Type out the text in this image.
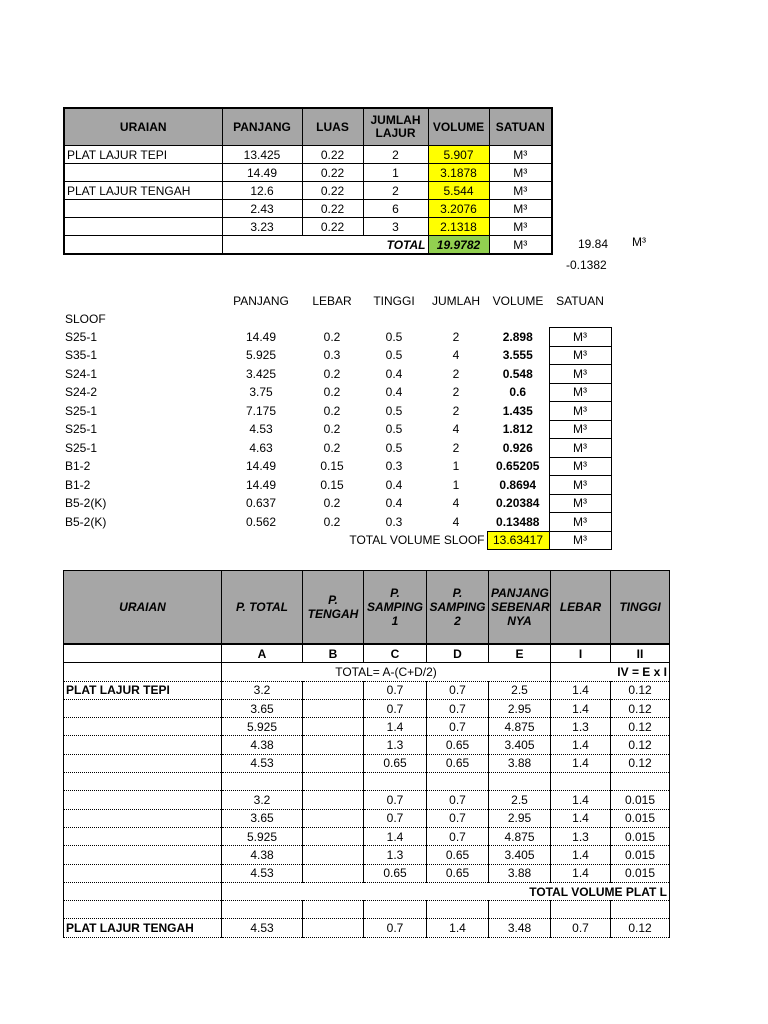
URAIAN	PANJANG	LUAS	JUMLAH LAJUR	VOLUME	SATUAN
PLAT LAJUR TEPI	13.425	0.22	2	5.907	M³
	14.49	0.22	1	3.1878	M³
PLAT LAJUR TENGAH	12.6	0.22	2	5.544	M³
	2.43	0.22	6	3.2076	M³
	3.23	0.22	3	2.1318	M³
	TOTAL			19.9782	M³	19.84 M³
-0.1382
	PANJANG	LEBAR	TINGGI	JUMLAH	VOLUME	SATUAN
SLOOF						
S25-1	14.49	0.2	0.5	2	2.898	M³
S35-1	5.925	0.3	0.5	4	3.555	M³
S24-1	3.425	0.2	0.4	2	0.548	M³
S24-2	3.75	0.2	0.4	2	0.6	M³
S25-1	7.175	0.2	0.5	2	1.435	M³
S25-1	4.53	0.2	0.5	4	1.812	M³
S25-1	4.63	0.2	0.5	2	0.926	M³
B1-2	14.49	0.15	0.3	1	0.65205	M³
B1-2	14.49	0.15	0.4	1	0.8694	M³
B5-2(K)	0.637	0.2	0.4	4	0.20384	M³
B5-2(K)	0.562	0.2	0.3	4	0.13488	M³
	TOTAL VOLUME SLOOF				13.63417	M³
URAIAN	P. TOTAL	P. TENGAH	P. SAMPING 1	P. SAMPING 2	PANJANG SEBENAR NYA	LEBAR	TINGGI
	A	B	C	D	E	I	II
	TOTAL= A-(C+D/2)					IV = E x I	
PLAT LAJUR TEPI	3.2		0.7	0.7	2.5	1.4	0.12
	3.65		0.7	0.7	2.95	1.4	0.12
	5.925		1.4	0.7	4.875	1.3	0.12
	4.38		1.3	0.65	3.405	1.4	0.12
	4.53		0.65	0.65	3.88	1.4	0.12

	3.2		0.7	0.7	2.5	1.4	0.015
	3.65		0.7	0.7	2.95	1.4	0.015
	5.925		1.4	0.7	4.875	1.3	0.015
	4.38		1.3	0.65	3.405	1.4	0.015
	4.53		0.65	0.65	3.88	1.4	0.015
	TOTAL VOLUME PLAT L						

PLAT LAJUR TENGAH	4.53		0.7	1.4	3.48	0.7	0.12
